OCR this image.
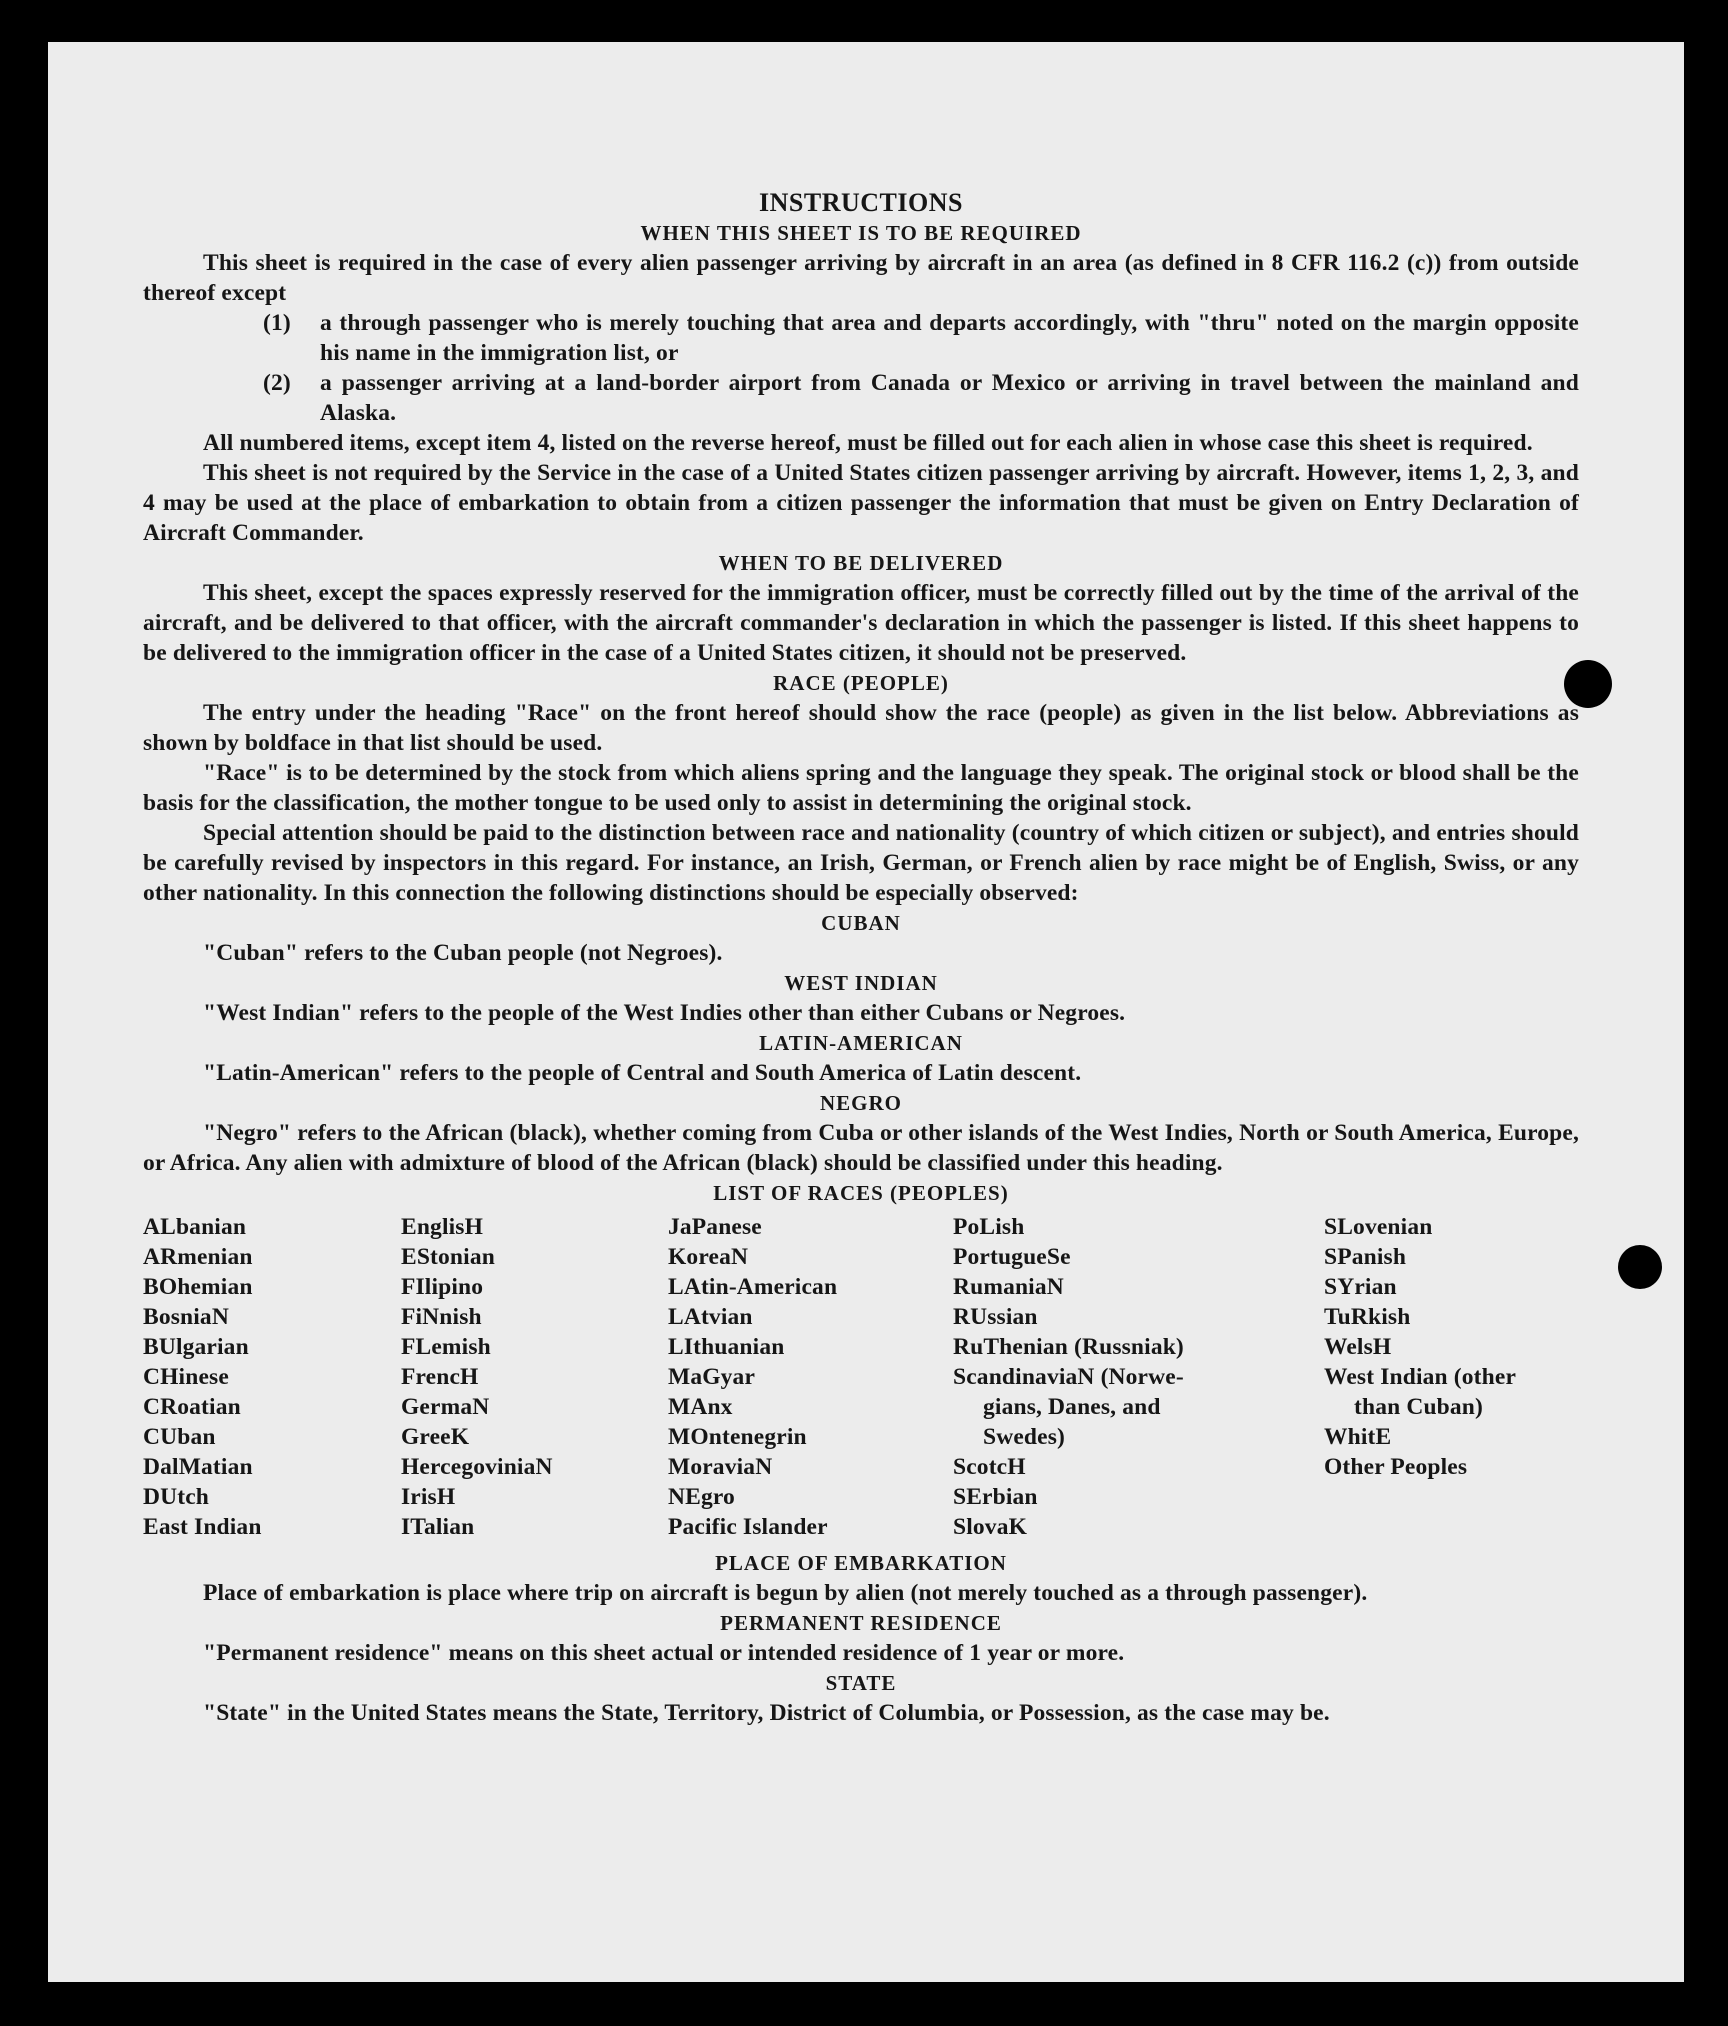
INSTRUCTIONS
WHEN THIS SHEET IS TO BE REQUIRED

This sheet is required in the case of every alien passenger arriving by aircraft in an area (as defined in 8 CFR 116.2 (c)) from outside thereof except

(1) a through passenger who is merely touching that area and departs accordingly, with "thru" noted on the margin opposite his name in the immigration list, or

(2) a passenger arriving at a land-border airport from Canada or Mexico or arriving in travel between the mainland and Alaska.

All numbered items, except item 4, listed on the reverse hereof, must be filled out for each alien in whose case this sheet is required.

This sheet is not required by the Service in the case of a United States citizen passenger arriving by aircraft. However, items 1, 2, 3, and 4 may be used at the place of embarkation to obtain from a citizen passenger the information that must be given on Entry Declaration of Aircraft Commander.

WHEN TO BE DELIVERED

This sheet, except the spaces expressly reserved for the immigration officer, must be correctly filled out by the time of the arrival of the aircraft, and be delivered to that officer, with the aircraft commander's declaration in which the passenger is listed. If this sheet happens to be delivered to the immigration officer in the case of a United States citizen, it should not be preserved.

RACE (PEOPLE)

The entry under the heading "Race" on the front hereof should show the race (people) as given in the list below. Abbreviations as shown by boldface in that list should be used.

"Race" is to be determined by the stock from which aliens spring and the language they speak. The original stock or blood shall be the basis for the classification, the mother tongue to be used only to assist in determining the original stock.

Special attention should be paid to the distinction between race and nationality (country of which citizen or subject), and entries should be carefully revised by inspectors in this regard. For instance, an Irish, German, or French alien by race might be of English, Swiss, or any other nationality. In this connection the following distinctions should be especially observed:

CUBAN

"Cuban" refers to the Cuban people (not Negroes).

WEST INDIAN

"West Indian" refers to the people of the West Indies other than either Cubans or Negroes.

LATIN-AMERICAN

"Latin-American" refers to the people of Central and South America of Latin descent.

NEGRO

"Negro" refers to the African (black), whether coming from Cuba or other islands of the West Indies, North or South America, Europe, or Africa. Any alien with admixture of blood of the African (black) should be classified under this heading.

LIST OF RACES (PEOPLES)
ALbanian
ARmenian
BOhemian
BosniaN
BUlgarian
CHinese
CRoatian
CUban
DalMatian
DUtch
East Indian
EnglisH
EStonian
FIlipino
FiNnish
FLemish
FrencH
GermaN
GreeK
HercegoviniaN
IrisH
ITalian
JaPanese
KoreaN
LAtin-American
LAtvian
LIthuanian
MaGyar
MAnx
MOntenegrin
MoraviaN
NEgro
Pacific Islander
PoLish
PortugueSe
RumaniaN
RUssian
RuThenian (Russniak)
ScandinaviaN (Norwe-
gians, Danes, and
Swedes)
ScotcH
SErbian
SlovaK
SLovenian
SPanish
SYrian
TuRkish
WelsH
West Indian (other
than Cuban)
WhitE
Other Peoples
PLACE OF EMBARKATION

Place of embarkation is place where trip on aircraft is begun by alien (not merely touched as a through passenger).

PERMANENT RESIDENCE

"Permanent residence" means on this sheet actual or intended residence of 1 year or more.

STATE

"State" in the United States means the State, Territory, District of Columbia, or Possession, as the case may be.
